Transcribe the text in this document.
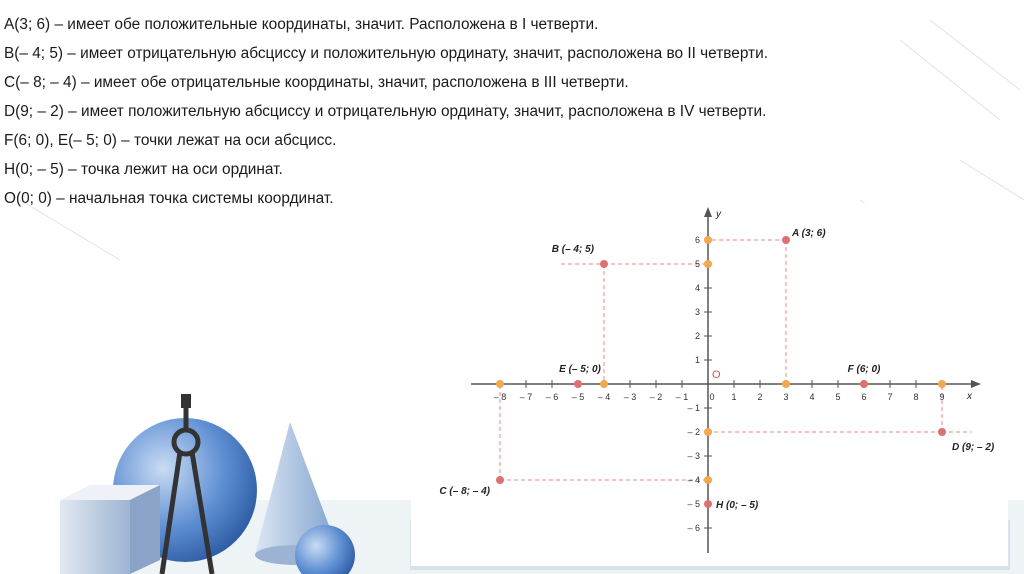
А(3; 6) – имеет обе положительные координаты, значит. Расположена в I четверти.
В(– 4; 5) – имеет отрицательную абсциссу и положительную ординату, значит, расположена во II четверти.
С(– 8; – 4) – имеет обе отрицательные координаты, значит, расположена в III четверти.
D(9; – 2) – имеет положительную абсциссу и отрицательную ординату, значит, расположена в IV четверти.
F(6; 0), Е(– 5; 0) – точки лежат на оси абсцисс.
Н(0; – 5) – точка лежит на оси ординат.
О(0; 0) – начальная точка системы координат.
x
y
– 8 – 7 – 6 – 5 – 4 – 3 – 2 – 1 0 1 2 3 4 5 6 7 8 9
6
5
4
3
2
1
– 1
– 2
– 3
– 4
– 5
– 6
O
A (3; 6)
B (– 4; 5)
C (– 8; – 4)
D (9; – 2)
E (– 5; 0)	F (6; 0)
H (0; – 5)
